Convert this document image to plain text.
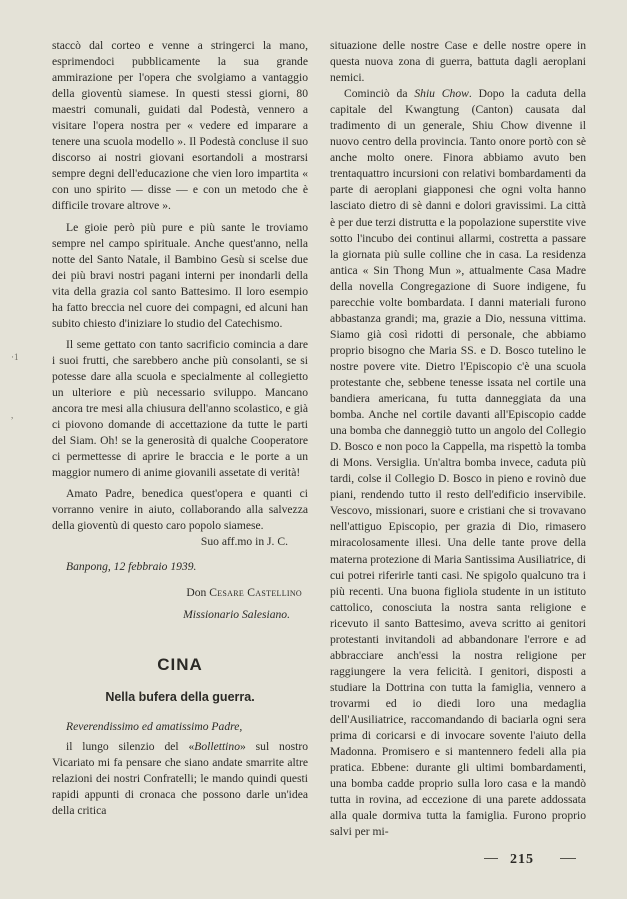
·1
,

staccò dal corteo e venne a stringerci la mano, esprimendoci pubblicamente la sua grande ammirazione per l'opera che svolgiamo a vantaggio della gioventù siamese. In questi stessi giorni, 80 maestri comunali, guidati dal Podestà, vennero a visitare l'opera nostra per « vedere ed imparare a tenere una scuola modello ». Il Podestà concluse il suo discorso ai nostri giovani esortandoli a mostrarsi sempre degni dell'educazione che vien loro impartita « con uno spirito — disse — e con un metodo che è difficile trovare altrove ».

Le gioie però più pure e più sante le troviamo sempre nel campo spirituale. Anche quest'anno, nella notte del Santo Natale, il Bambino Gesù si scelse due dei più bravi nostri pagani interni per inondarli della vita della grazia col santo Battesimo. Il loro esempio ha fatto breccia nel cuore dei compagni, ed alcuni han subito chiesto d'iniziare lo studio del Catechismo.

Il seme gettato con tanto sacrificio comincia a dare i suoi frutti, che sarebbero anche più consolanti, se si potesse dare alla scuola e specialmente al collegietto un ulteriore e più necessario sviluppo. Mancano ancora tre mesi alla chiusura dell'anno scolastico, e già ci piovono domande di accettazione da tutte le parti del Siam. Oh! se la generosità di qualche Cooperatore ci permettesse di aprire le braccia e le porte a un maggior numero di anime giovanili assetate di verità!

Amato Padre, benedica quest'opera e quanti ci vorranno venire in aiuto, collaborando alla salvezza della gioventù di questo caro popolo siamese.

Suo aff.mo in J. C.

Banpong, 12 febbraio 1939.

Don Cesare Castellino

Missionario Salesiano.

CINA

Nella bufera della guerra.

Reverendissimo ed amatissimo Padre,

il lungo silenzio del «Bollettino» sul nostro Vicariato mi fa pensare che siano andate smarrite altre relazioni dei nostri Confratelli; le mando quindi questi rapidi appunti di cronaca che possono darle un'idea della critica

situazione delle nostre Case e delle nostre opere in questa nuova zona di guerra, battuta dagli aeroplani nemici.

Cominciò da Shiu Chow. Dopo la caduta della capitale del Kwangtung (Canton) causata dal tradimento di un generale, Shiu Chow divenne il nuovo centro della provincia. Tanto onore portò con sè anche molto onere. Finora abbiamo avuto ben trentaquattro incursioni con relativi bombardamenti da parte di aeroplani giapponesi che ogni volta hanno lasciato dietro di sè danni e dolori gravissimi. La città è per due terzi distrutta e la popolazione superstite vive sotto l'incubo dei continui allarmi, costretta a passare la giornata più sulle colline che in casa. La residenza antica « Sin Thong Mun », attualmente Casa Madre della novella Congregazione di Suore indigene, fu parecchie volte bombardata. I danni materiali furono abbastanza grandi; ma, grazie a Dio, nessuna vittima. Siamo già così ridotti di personale, che abbiamo proprio bisogno che Maria SS. e D. Bosco tutelino le nostre povere vite. Dietro l'Episcopio c'è una scuola protestante che, sebbene tenesse issata nel cortile una bandiera americana, fu tutta danneggiata da una bomba. Anche nel cortile davanti all'Episcopio cadde una bomba che danneggiò tutto un angolo del Collegio D. Bosco e non poco la Cappella, ma rispettò la tomba di Mons. Versiglia. Un'altra bomba invece, caduta più tardi, colse il Collegio D. Bosco in pieno e rovinò due piani, rendendo tutto il resto dell'edificio inservibile. Vescovo, missionari, suore e cristiani che si trovavano nell'attiguo Episcopio, per grazia di Dio, rimasero miracolosamente illesi. Una delle tante prove della materna protezione di Maria Santissima Ausiliatrice, di cui potrei riferirle tanti casi. Ne spigolo qualcuno tra i più recenti. Una buona figliola studente in un istituto cattolico, conosciuta la nostra santa religione e ricevuto il santo Battesimo, aveva scritto ai genitori protestanti invitandoli ad abbandonare l'errore e ad abbracciare anch'essi la nostra religione per raggiungere la vera felicità. I genitori, disposti a studiare la Dottrina con tutta la famiglia, vennero a trovarmi ed io diedi loro una medaglia dell'Ausiliatrice, raccomandando di baciarla ogni sera prima di coricarsi e di invocare sovente l'aiuto della Madonna. Promisero e si mantennero fedeli alla pia pratica. Ebbene: durante gli ultimi bombardamenti, una bomba cadde proprio sulla loro casa e la mandò tutta in rovina, ad eccezione di una parete addossata alla quale dormiva tutta la famiglia. Furono proprio salvi per mi-

215
